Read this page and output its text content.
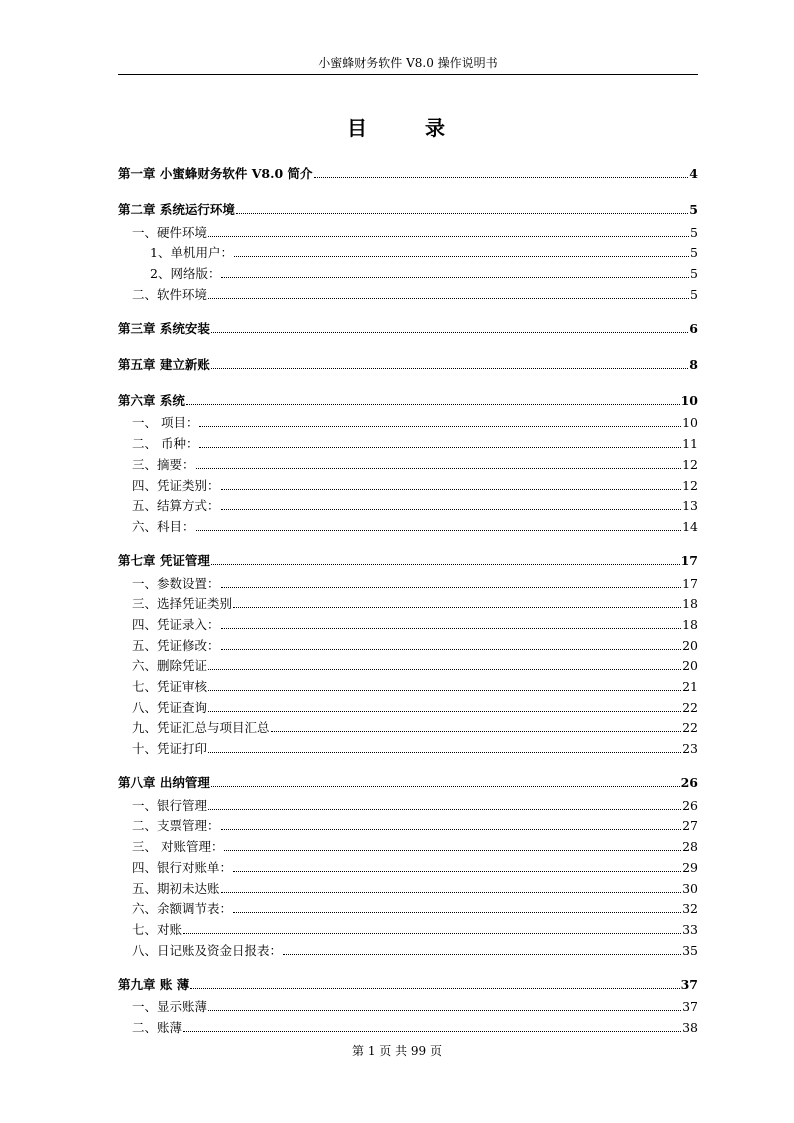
小蜜蜂财务软件 V8.0 操作说明书
目	录
第一章 小蜜蜂财务软件 V8.0 简介	4
第二章 系统运行环境	5
一、硬件环境	5
1、单机用户：	5
2、网络版：	5
二、软件环境	5
第三章 系统安装	6
第五章 建立新账	8
第六章 系统	10
一、 项目：	10
二、 币种：	11
三、摘要：	12
四、凭证类别：	12
五、结算方式：	13
六、科目：	14
第七章 凭证管理	17
一、参数设置：	17
三、选择凭证类别	18
四、凭证录入：	18
五、凭证修改：	20
六、删除凭证	20
七、凭证审核	21
八、凭证查询	22
九、凭证汇总与项目汇总	22
十、凭证打印	23
第八章 出纳管理	26
一、银行管理	26
二、支票管理：	27
三、 对账管理：	28
四、银行对账单：	29
五、期初未达账	30
六、余额调节表：	32
七、对账	33
八、日记账及资金日报表：	35
第九章 账 薄	37
一、显示账薄	37
二、账薄	38
第 1 页 共 99 页
